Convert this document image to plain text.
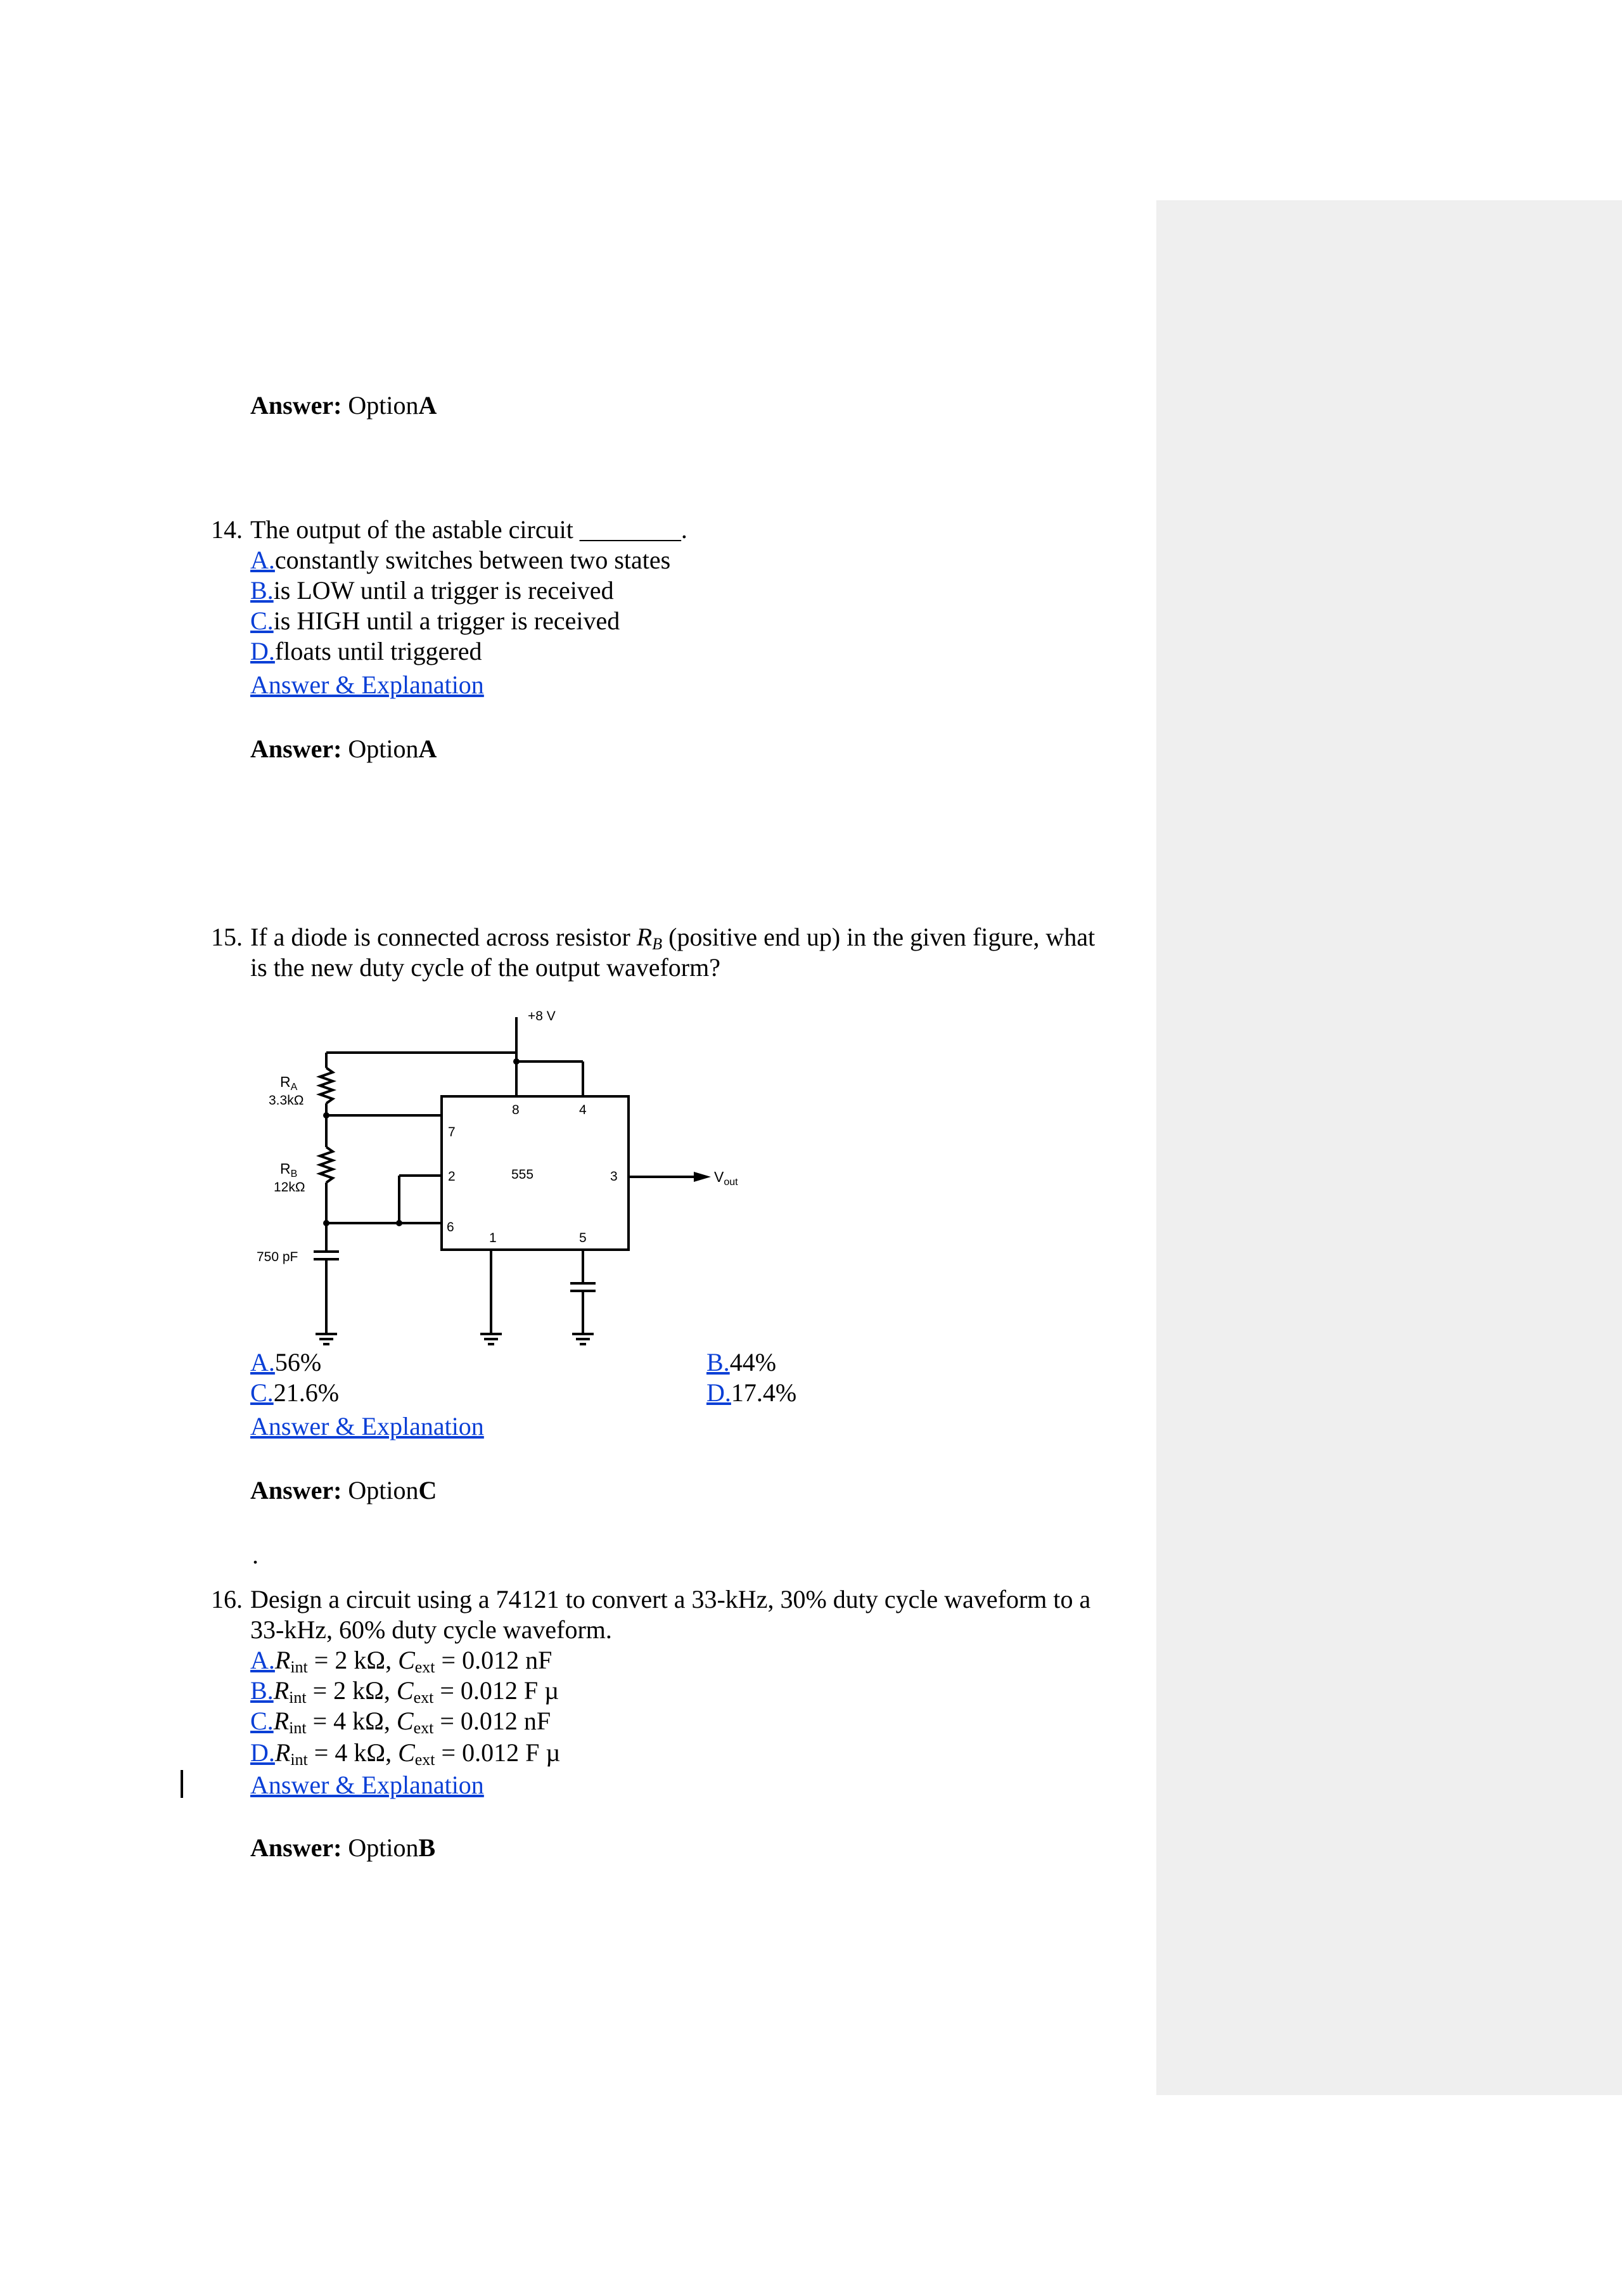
Answer: OptionA
14. The output of the astable circuit ________.
A.constantly switches between two states
B.is LOW until a trigger is received
C.is HIGH until a trigger is received
D.floats until triggered
Answer & Explanation
Answer: OptionA
15. If a diode is connected across resistor $R_B$ (positive end up) in the given figure, what
is the new duty cycle of the output waveform?
+8 V
$R_A$
3.3kΩ
$R_B$
12kΩ
750 pF
555
8	4
7
2
6
1	5
3	$V_{out}$
A.56%	B.44%
C.21.6%	D.17.4%
Answer & Explanation
Answer: OptionC
.
16. Design a circuit using a 74121 to convert a 33-kHz, 30% duty cycle waveform to a
33-kHz, 60% duty cycle waveform.
$A.R_{int} = 2$ kΩ, $C_{ext} = 0.012$ nF
$B.R_{int} = 2$ kΩ, $C_{ext} = 0.012$ F µ
$C.R_{int} = 4$ kΩ, $C_{ext} = 0.012$ nF
$D.R_{int} = 4$ kΩ, $C_{ext} = 0.012$ F µ
Answer & Explanation
Answer: OptionB
